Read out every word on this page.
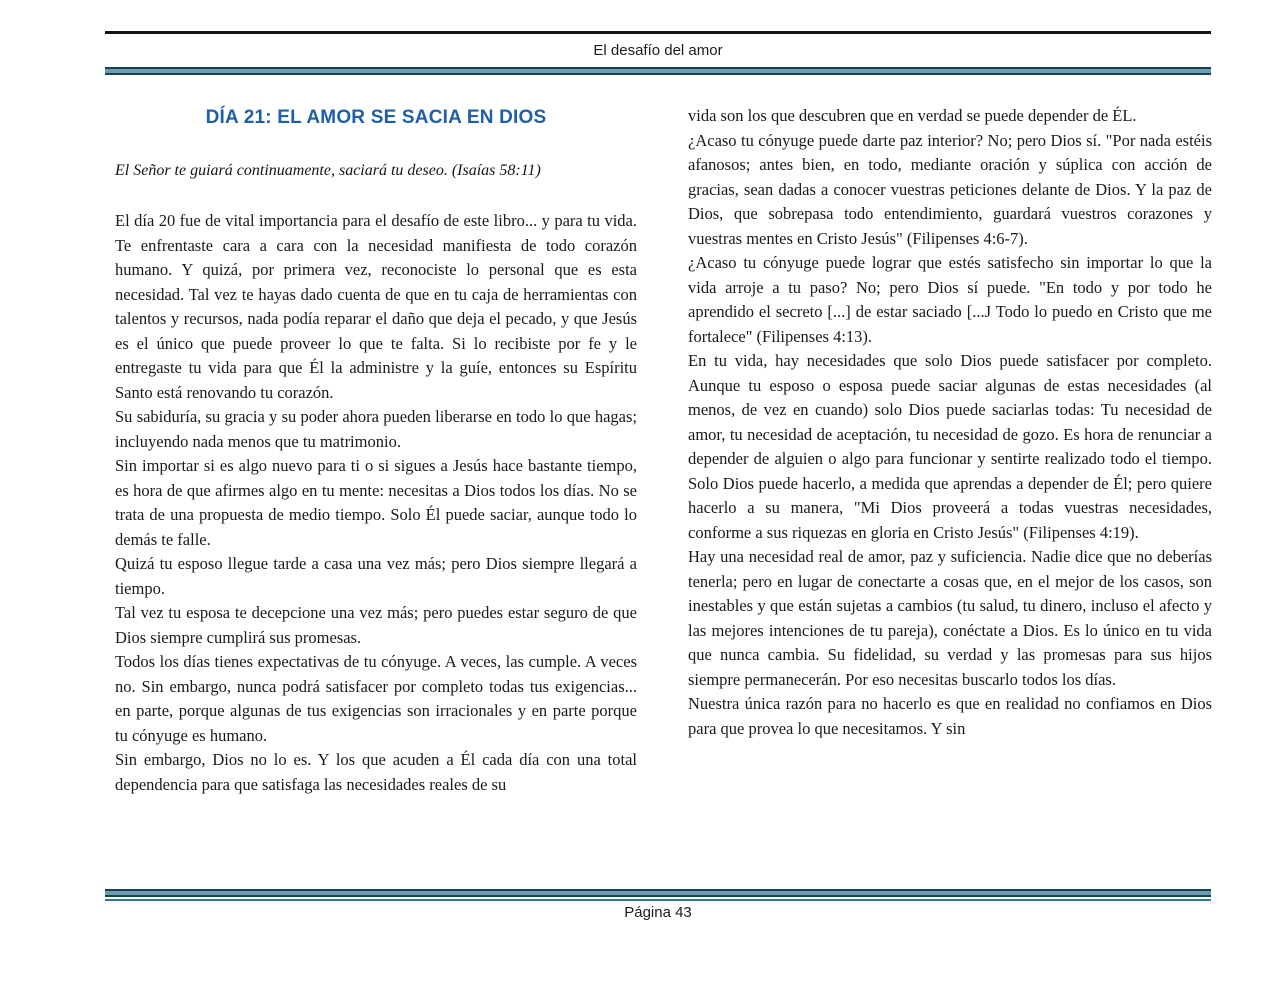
El desafío del amor
DÍA 21: EL AMOR SE SACIA EN DIOS
El Señor te guiará continuamente, saciará tu deseo. (Isaías 58:11)

El día 20 fue de vital importancia para el desafío de este libro... y para tu vida. Te enfrentaste cara a cara con la necesidad manifiesta de todo corazón humano. Y quizá, por primera vez, reconociste lo personal que es esta necesidad. Tal vez te hayas dado cuenta de que en tu caja de herramientas con talentos y recursos, nada podía reparar el daño que deja el pecado, y que Jesús es el único que puede proveer lo que te falta. Si lo recibiste por fe y le entregaste tu vida para que Él la administre y la guíe, entonces su Espíritu Santo está renovando tu corazón.

Su sabiduría, su gracia y su poder ahora pueden liberarse en todo lo que hagas; incluyendo nada menos que tu matrimonio.

Sin importar si es algo nuevo para ti o si sigues a Jesús hace bastante tiempo, es hora de que afirmes algo en tu mente: necesitas a Dios todos los días. No se trata de una propuesta de medio tiempo. Solo Él puede saciar, aunque todo lo demás te falle.

Quizá tu esposo llegue tarde a casa una vez más; pero Dios siempre llegará a tiempo.

Tal vez tu esposa te decepcione una vez más; pero puedes estar seguro de que Dios siempre cumplirá sus promesas.

Todos los días tienes expectativas de tu cónyuge. A veces, las cumple. A veces no. Sin embargo, nunca podrá satisfacer por completo todas tus exigencias... en parte, porque algunas de tus exigencias son irracionales y en parte porque tu cónyuge es humano.

Sin embargo, Dios no lo es. Y los que acuden a Él cada día con una total dependencia para que satisfaga las necesidades reales de su

vida son los que descubren que en verdad se puede depender de ÉL.

¿Acaso tu cónyuge puede darte paz interior? No; pero Dios sí. "Por nada estéis afanosos; antes bien, en todo, mediante oración y súplica con acción de gracias, sean dadas a conocer vuestras peticiones delante de Dios. Y la paz de Dios, que sobrepasa todo entendimiento, guardará vuestros corazones y vuestras mentes en Cristo Jesús" (Filipenses 4:6-7).

¿Acaso tu cónyuge puede lograr que estés satisfecho sin importar lo que la vida arroje a tu paso? No; pero Dios sí puede. "En todo y por todo he aprendido el secreto [...] de estar saciado [...J Todo lo puedo en Cristo que me fortalece" (Filipenses 4:13).

En tu vida, hay necesidades que solo Dios puede satisfacer por completo. Aunque tu esposo o esposa puede saciar algunas de estas necesidades (al menos, de vez en cuando) solo Dios puede saciarlas todas: Tu necesidad de amor, tu necesidad de aceptación, tu necesidad de gozo. Es hora de renunciar a depender de alguien o algo para funcionar y sentirte realizado todo el tiempo. Solo Dios puede hacerlo, a medida que aprendas a depender de Él; pero quiere hacerlo a su manera, "Mi Dios proveerá a todas vuestras necesidades, conforme a sus riquezas en gloria en Cristo Jesús" (Filipenses 4:19).

Hay una necesidad real de amor, paz y suficiencia. Nadie dice que no deberías tenerla; pero en lugar de conectarte a cosas que, en el mejor de los casos, son inestables y que están sujetas a cambios (tu salud, tu dinero, incluso el afecto y las mejores intenciones de tu pareja), conéctate a Dios. Es lo único en tu vida que nunca cambia. Su fidelidad, su verdad y las promesas para sus hijos siempre permanecerán. Por eso necesitas buscarlo todos los días.

Nuestra única razón para no hacerlo es que en realidad no confiamos en Dios para que provea lo que necesitamos. Y sin

Página 43
